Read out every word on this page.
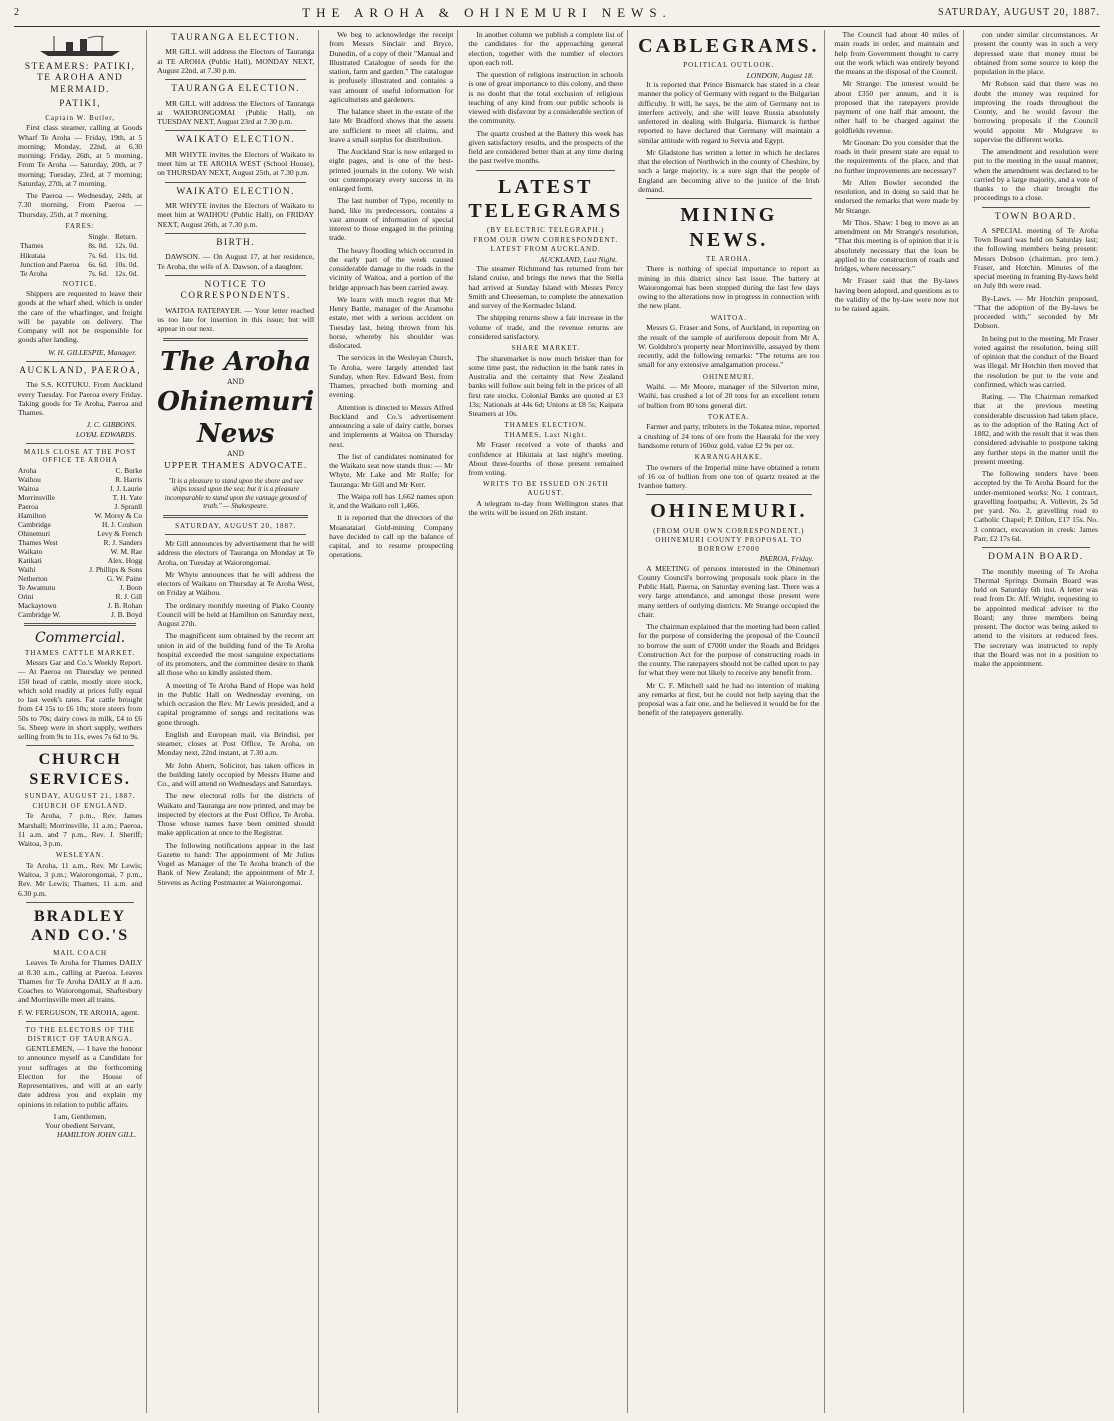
2	THE AROHA & OHINEMURI NEWS.	SATURDAY, AUGUST 20, 1887.
STEAMERS: PATIKI, TE AROHA AND MERMAID.
PATIKI,
Captain W. Butler,

First class steamer, calling at Goods Wharf Te Aroha — Friday, 19th, at 5 morning; Monday, 22nd, at 6.30 morning; Friday, 26th, at 5 morning. From Te Aroha — Saturday, 20th, at 7 morning; Tuesday, 23rd, at 7 morning; Saturday, 27th, at 7 morning.

The Paeroa — Wednesday, 24th, at 7.30 morning. From Paeroa — Thursday, 25th, at 7 morning.

FARES:
	Single.	Return.
Thames	8s. 0d.	12s. 0d.
Hikutaia	7s. 6d.	11s. 0d.
Junction and Paeroa	6s. 6d.	10s. 0d.
Te Aroha	7s. 6d.	12s. 0d.
NOTICE.

Shippers are requested to leave their goods at the wharf shed, which is under the care of the wharfinger, and freight will be payable on delivery. The Company will not be responsible for goods after landing.

W. H. GILLESPIE, Manager.
AUCKLAND, PAEROA,

The S.S. KOTUKU. From Auckland every Tuesday. For Paeroa every Friday. Taking goods for Te Aroha, Paeroa and Thames.

J. C. GIBBONS.
LOYAL EDWARDS.
MAILS CLOSE AT THE POST OFFICE TE AROHA
Aroha	C. Burke
Waihou	R. Harris
Waitoa	J. J. Laurie
Morrinsville	T. H. Yate
Paeroa	J. Spranll
Hamilton	W. Morey & Co
Cambridge	H. J. Coulson
Ohinemuri	Levy & French
Thames West	R. J. Sanders
Waikato	W. M. Rae
Katikati	Alex. Hogg
Waihi	J. Phillips & Sons
Netherton	G. W. Paine
Te Awamutu	J. Boon
Orini	R. J. Gill
Mackaytown	J. B. Rohan
Cambridge W.	J. B. Boyd
Commercial.
THAMES CATTLE MARKET.

Messrs Gar and Co.'s Weekly Report. — At Paeroa on Thursday we penned 150 head of cattle, mostly store stock, which sold readily at prices fully equal to last week's rates. Fat cattle brought from £4 15s to £6 10s; store steers from 50s to 70s; dairy cows in milk, £4 to £6 5s. Sheep were in short supply, wethers selling from 9s to 11s, ewes 7s 6d to 9s.

CHURCH SERVICES.
SUNDAY, AUGUST 21, 1887.
CHURCH OF ENGLAND.

Te Aroha, 7 p.m., Rev. James Marshall; Morrinsville, 11 a.m.; Paeroa, 11 a.m. and 7 p.m., Rev. J. Sheriff; Waitoa, 3 p.m.

WESLEYAN.

Te Aroha, 11 a.m., Rev. Mr Lewis; Waitoa, 3 p.m.; Waiorongomai, 7 p.m., Rev. Mr Lewis; Thames, 11 a.m. and 6.30 p.m.

BRADLEY AND CO.'S
MAIL COACH

Leaves Te Aroha for Thames DAILY at 8.30 a.m., calling at Paeroa. Leaves Thames for Te Aroha DAILY at 8 a.m. Coaches to Waiorongomai, Shaftesbury and Morrinsville meet all trains.

F. W. FERGUSON, TE AROHA, agent.

TO THE ELECTORS OF THE DISTRICT OF TAURANGA.

GENTLEMEN, — I have the honour to announce myself as a Candidate for your suffrages at the forthcoming Election for the House of Representatives, and will at an early date address you and explain my opinions in relation to public affairs.

I am, Gentlemen,
Your obedient Servant,
HAMILTON JOHN GILL.
TAURANGA ELECTION.

MR GILL will address the Electors of Tauranga at TE AROHA (Public Hall), MONDAY NEXT, August 22nd, at 7.30 p.m.

TAURANGA ELECTION.

MR GILL will address the Electors of Tauranga at WAIORONGOMAI (Public Hall), on TUESDAY NEXT, August 23rd at 7.30 p.m.

WAIKATO ELECTION.

MR WHYTE invites the Electors of Waikato to meet him at TE AROHA WEST (School House), on THURSDAY NEXT, August 25th, at 7.30 p.m.

WAIKATO ELECTION.

MR WHYTE invites the Electors of Waikato to meet him at WAIHOU (Public Hall), on FRIDAY NEXT, August 26th, at 7.30 p.m.

BIRTH.

DAWSON. — On August 17, at her residence, Te Aroha, the wife of A. Dawson, of a daughter.

NOTICE TO CORRESPONDENTS.

WAITOA RATEPAYER. — Your letter reached us too late for insertion in this issue; but will appear in our next.

The Aroha
AND
Ohinemuri News
AND
UPPER THAMES ADVOCATE.
"It is a pleasure to stand upon the shore and see ships tossed upon the sea; but it is a pleasure incomparable to stand upon the vantage ground of truth." — Shakespeare.
SATURDAY, AUGUST 20, 1887.

Mr Gill announces by advertisement that he will address the electors of Tauranga on Monday at Te Aroha, on Tuesday at Waiorongomai.

Mr Whyte announces that he will address the electors of Waikato on Thursday at Te Aroha West, on Friday at Waihou.

The ordinary monthly meeting of Piako County Council will be held at Hamilton on Saturday next, August 27th.

The magnificent sum obtained by the recent art union in aid of the building fund of the Te Aroha hospital exceeded the most sanguine expectations of its promoters, and the committee desire to thank all those who so kindly assisted them.

A meeting of Te Aroha Band of Hope was held in the Public Hall on Wednesday evening, on which occasion the Rev. Mr Lewis presided, and a capital programme of songs and recitations was gone through.

English and European mail, via Brindisi, per steamer, closes at Post Office, Te Aroha, on Monday next, 22nd instant, at 7.30 a.m.

Mr John Ahern, Solicitor, has taken offices in the building lately occupied by Messrs Hume and Co., and will attend on Wednesdays and Saturdays.

The new electoral rolls for the districts of Waikato and Tauranga are now printed, and may be inspected by electors at the Post Office, Te Aroha. Those whose names have been omitted should make application at once to the Registrar.

The following notifications appear in the last Gazette to hand: The appointment of Mr Julius Vogel as Manager of the Te Aroha branch of the Bank of New Zealand; the appointment of Mr J. Stevens as Acting Postmaster at Waiorongomai.

We beg to acknowledge the receipt from Messrs Sinclair and Bryce, Dunedin, of a copy of their "Manual and Illustrated Catalogue of seeds for the station, farm and garden." The catalogue is profusely illustrated and contains a vast amount of useful information for agriculturists and gardeners.

The balance sheet in the estate of the late Mr Bradford shows that the assets are sufficient to meet all claims, and leave a small surplus for distribution.

The Auckland Star is now enlarged to eight pages, and is one of the best-printed journals in the colony. We wish our contemporary every success in its enlarged form.

The last number of Typo, recently to hand, like its predecessors, contains a vast amount of information of special interest to those engaged in the printing trade.

The heavy flooding which occurred in the early part of the week caused considerable damage to the roads in the vicinity of Waitoa, and a portion of the bridge approach has been carried away.

We learn with much regret that Mr Henry Battle, manager of the Aramoho estate, met with a serious accident on Tuesday last, being thrown from his horse, whereby his shoulder was dislocated.

The services in the Wesleyan Church, Te Aroha, were largely attended last Sunday, when Rev. Edward Best, from Thames, preached both morning and evening.

Attention is directed to Messrs Alfred Buckland and Co.'s advertisement announcing a sale of dairy cattle, horses and implements at Waitoa on Thursday next.

The list of candidates nominated for the Waikato seat now stands thus: — Mr Whyte, Mr Lake and Mr Rolfe; for Tauranga: Mr Gill and Mr Kerr.

The Waipa roll has 1,662 names upon it, and the Waikato roll 1,466.

It is reported that the directors of the Moanataiari Gold-mining Company have decided to call up the balance of capital, and to resume prospecting operations.

In another column we publish a complete list of the candidates for the approaching general election, together with the number of electors upon each roll.

The question of religious instruction in schools is one of great importance to this colony, and there is no doubt that the total exclusion of religious teaching of any kind from our public schools is viewed with disfavour by a considerable section of the community.

The quartz crushed at the Battery this week has given satisfactory results, and the prospects of the field are considered better than at any time during the past twelve months.

LATEST TELEGRAMS
(BY ELECTRIC TELEGRAPH.)
FROM OUR OWN CORRESPONDENT.
LATEST FROM AUCKLAND.
AUCKLAND, Last Night.

The steamer Richmond has returned from her Island cruise, and brings the news that the Stella had arrived at Sunday Island with Messrs Percy Smith and Cheeseman, to complete the annexation and survey of the Kermadec Island.

The shipping returns show a fair increase in the volume of trade, and the revenue returns are considered satisfactory.

SHARE MARKET.

The sharemarket is now much brisker than for some time past, the reduction in the bank rates in Australia and the certainty that New Zealand banks will follow suit being felt in the prices of all first rate stocks. Colonial Banks are quoted at £3 13s; Nationals at 44s 6d; Unions at £8 5s; Kaipara Steamers at 10s.

THAMES ELECTION.
THAMES, Last Night.

Mr Fraser received a vote of thanks and confidence at Hikutaia at last night's meeting. About three-fourths of those present remained from voting.

WRITS TO BE ISSUED ON 26TH AUGUST.

A telegram to-day from Wellington states that the writs will be issued on 26th instant.

CABLEGRAMS.
POLITICAL OUTLOOK.
LONDON, August 18.

It is reported that Prince Bismarck has stated in a clear manner the policy of Germany with regard to the Bulgarian difficulty. It will, he says, be the aim of Germany not to interfere actively, and she will leave Russia absolutely unfettered in dealing with Bulgaria. Bismarck is further reported to have declared that Germany will maintain a similar attitude with regard to Servia and Egypt.

Mr Gladstone has written a letter in which he declares that the election of Northwich in the county of Cheshire, by such a large majority, is a sure sign that the people of England are becoming alive to the justice of the Irish demand.

MINING NEWS.
TE AROHA.

There is nothing of special importance to report as mining in this district since last issue. The battery at Waiorongomai has been stopped during the last few days owing to the alterations now in progress in connection with the new plant.

WAITOA.

Messrs G. Fraser and Sons, of Auckland, in reporting on the result of the sample of auriferous deposit from Mr A. W. Goldsbro's property near Morrinsville, assayed by them recently, add the following remarks: "The returns are too small for any extensive amalgamation process."

OHINEMURI.

Waihi. — Mr Moore, manager of the Silverton mine, Waihi, has crushed a lot of 20 tons for an excellent return of bullion from 80 tons general dirt.

TOKATEA.

Farmer and party, tributers in the Tokatea mine, reported a crushing of 24 tons of ore from the Hauraki for the very handsome return of 160oz gold, value £2 9s per oz.

KARANGAHAKE.

The owners of the Imperial mine have obtained a return of 16 oz of bullion from one ton of quartz treated at the Ivanhoe battery.

OHINEMURI.
(FROM OUR OWN CORRESPONDENT.)
OHINEMURI COUNTY PROPOSAL TO BORROW £7000
PAEROA, Friday.

A MEETING of persons interested in the Ohinemuri County Council's borrowing proposals took place in the Public Hall, Paeroa, on Saturday evening last. There was a very large attendance, and amongst those present were many settlers of outlying districts. Mr Strange occupied the chair.

The chairman explained that the meeting had been called for the purpose of considering the proposal of the Council to borrow the sum of £7000 under the Roads and Bridges Construction Act for the purpose of constructing roads in the county. The ratepayers should not be called upon to pay for what they were not likely to receive any benefit from.

Mr C. F. Mitchell said he had no intention of making any remarks at first, but he could not help saying that the proposal was a fair one, and he believed it would be for the benefit of the ratepayers generally.

The Council had about 40 miles of main roads in order, and maintain and help from Government thought to carry out the work which was entirely beyond the means at the disposal of the Council.

Mr Strange: The interest would be about £350 per annum, and it is proposed that the ratepayers provide payment of one half that amount, the other half to be charged against the goldfields revenue.

Mr Goonan: Do you consider that the roads in their present state are equal to the requirements of the place, and that no further improvements are necessary?

Mr Allen Bowler seconded the resolution, and in doing so said that he endorsed the remarks that were made by Mr Strange.

Mr Thos. Shaw: I beg to move as an amendment on Mr Strange's resolution, "That this meeting is of opinion that it is absolutely necessary that the loan be applied to the construction of roads and bridges, where necessary."

Mr Fraser said that the By-laws having been adopted, and questions as to the validity of the by-law were now not to be raised again.

con under similar circumstances. At present the county was in such a very depressed state that money must be obtained from some source to keep the population in the place.

Mr Robson said that there was no doubt the money was required for improving the roads throughout the County, and he would favour the borrowing proposals if the Council would appoint Mr Mulgrave to supervise the different works.

The amendment and resolution were put to the meeting in the usual manner, when the amendment was declared to be carried by a large majority, and a vote of thanks to the chair brought the proceedings to a close.

TOWN BOARD.

A SPECIAL meeting of Te Aroha Town Board was held on Saturday last; the following members being present: Messrs Dobson (chairman, pro tem.) Fraser, and Hotchin. Minutes of the special meeting in framing By-laws held on July 8th were read.

By-Laws. — Mr Hotchin proposed, "That the adoption of the By-laws be proceeded with," seconded by Mr Dobson.

In being put to the meeting, Mr Fraser voted against the resolution, being still of opinion that the conduct of the Board was illegal. Mr Hotchin then moved that the resolution be put to the vote and confirmed, which was carried.

Rating. — The Chairman remarked that at the previous meeting considerable discussion had taken place, as to the adoption of the Rating Act of 1882, and with the result that it was then considered advisable to postpone taking any further steps in the matter until the present meeting.

The following tenders have been accepted by the Te Aroha Board for the under-mentioned works: No. 1 contract, gravelling footpaths; A. Vollevitt, 2s 5d per yard. No. 2, gravelling road to Catholic Chapel; P. Dillon, £17 15s. No. 3 contract, excavation in creek: James Parr, £2 17s 6d.

DOMAIN BOARD.

The monthly meeting of Te Aroha Thermal Springs Domain Board was held on Saturday 6th inst. A letter was read from Dr. Alf. Wright, requesting to be appointed medical adviser to the Board; any three members being present. The doctor was being asked to attend to the visitors at reduced fees. The secretary was instructed to reply that the Board was not in a position to make the appointment.
